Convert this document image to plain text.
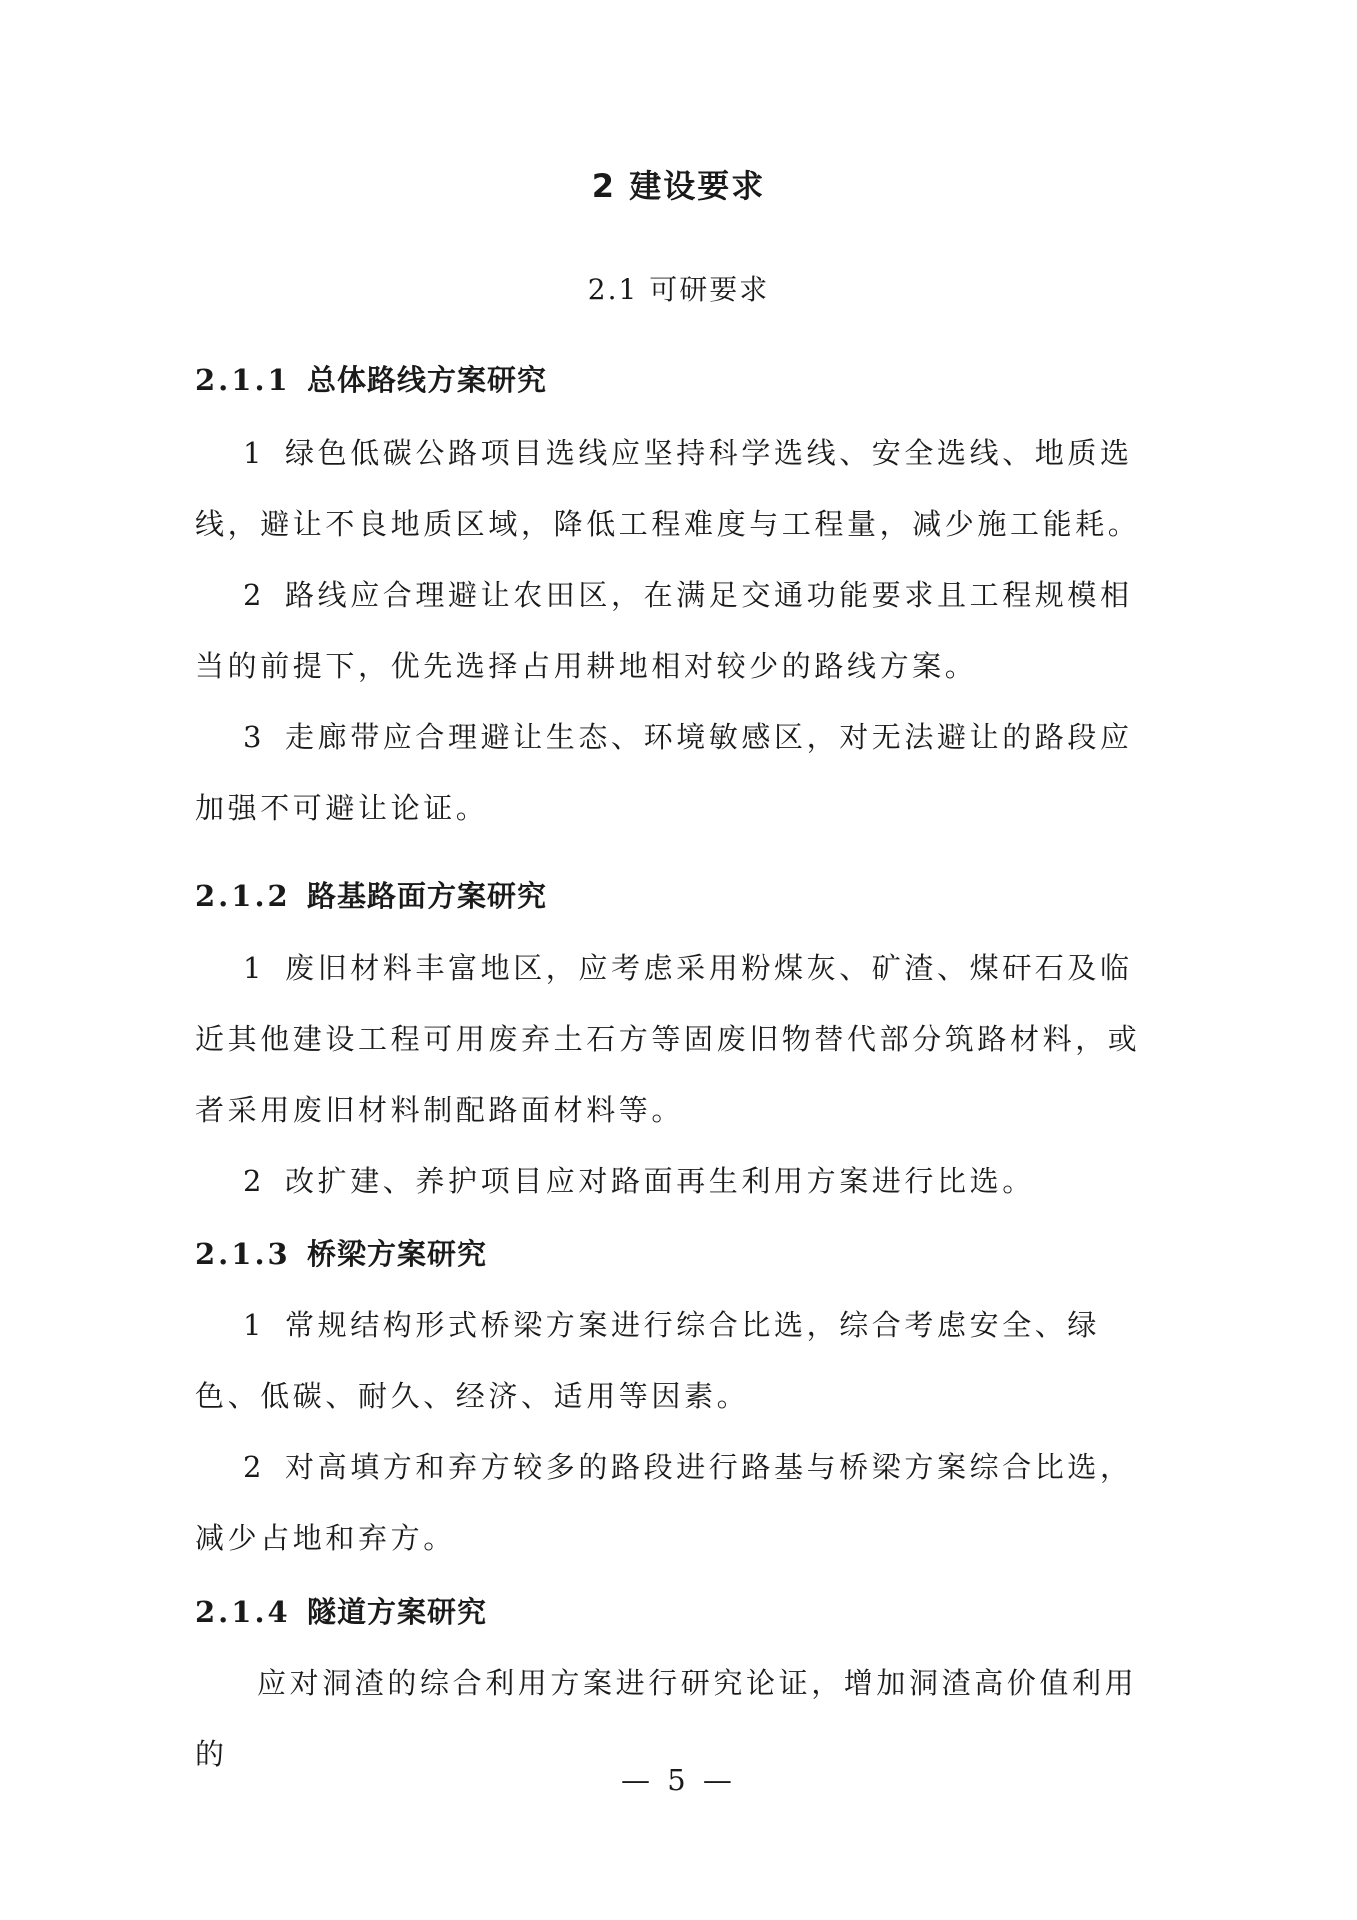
2 建设要求
2.1 可研要求
2.1.1 总体路线方案研究

1 绿色低碳公路项目选线应坚持科学选线、安全选线、地质选线，避让不良地质区域，降低工程难度与工程量，减少施工能耗。

2 路线应合理避让农田区，在满足交通功能要求且工程规模相当的前提下，优先选择占用耕地相对较少的路线方案。

3 走廊带应合理避让生态、环境敏感区，对无法避让的路段应加强不可避让论证。

2.1.2 路基路面方案研究

1 废旧材料丰富地区，应考虑采用粉煤灰、矿渣、煤矸石及临近其他建设工程可用废弃土石方等固废旧物替代部分筑路材料，或者采用废旧材料制配路面材料等。

2 改扩建、养护项目应对路面再生利用方案进行比选。

2.1.3 桥梁方案研究

1 常规结构形式桥梁方案进行综合比选，综合考虑安全、绿色、低碳、耐久、经济、适用等因素。

2 对高填方和弃方较多的路段进行路基与桥梁方案综合比选，减少占地和弃方。

2.1.4 隧道方案研究

应对洞渣的综合利用方案进行研究论证，增加洞渣高价值利用的

— 5 —
